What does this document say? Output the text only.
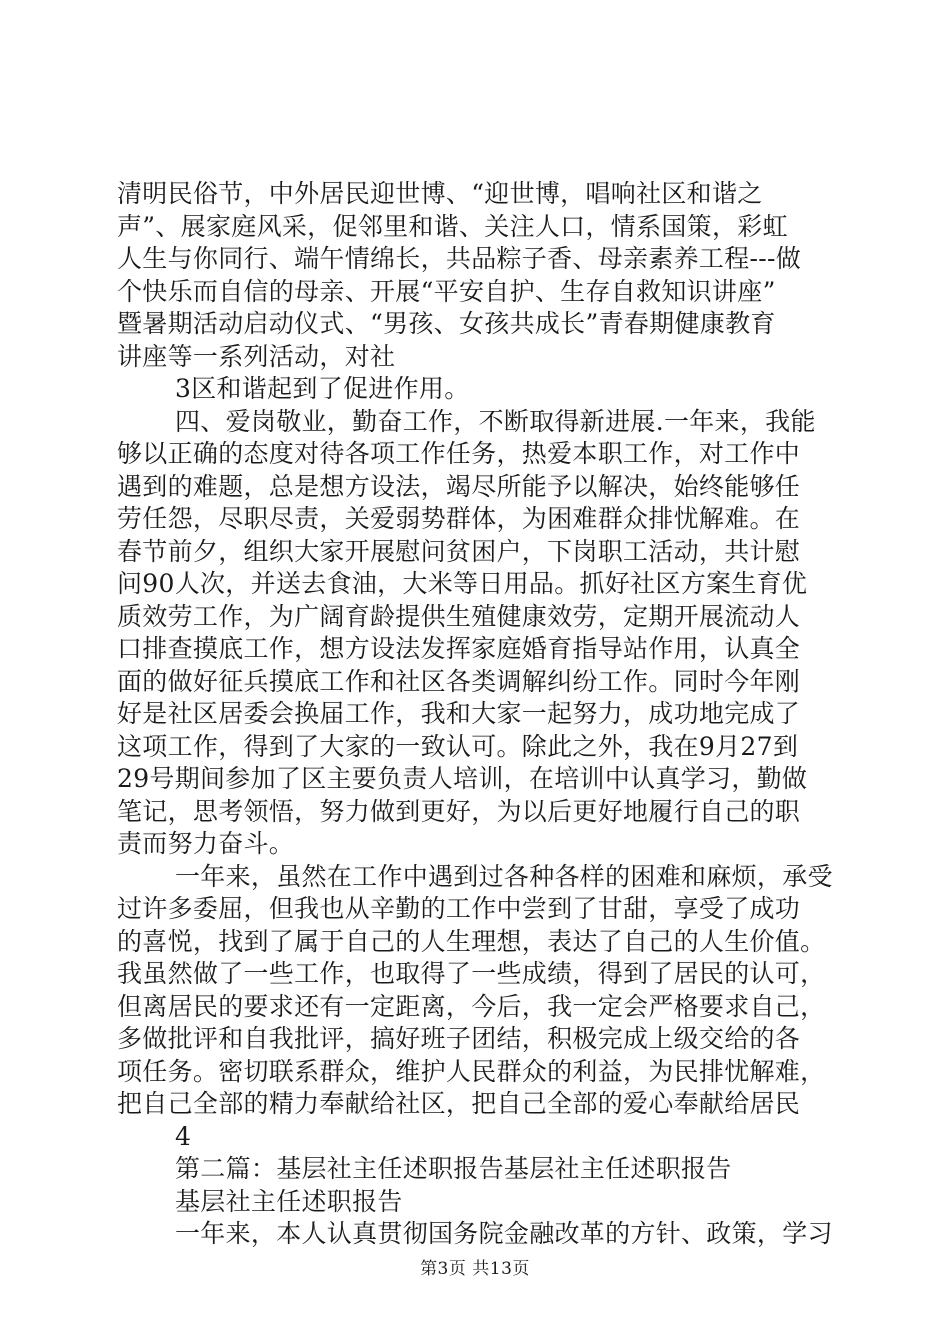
清明民俗节，中外居民迎世博、“迎世博，唱响社区和谐之
声”、展家庭风采，促邻里和谐、关注人口，情系国策，彩虹
人生与你同行、端午情绵长，共品粽子香、母亲素养工程---做
个快乐而自信的母亲、开展“平安自护、生存自救知识讲座”
暨暑期活动启动仪式、“男孩、女孩共成长”青春期健康教育
讲座等一系列活动，对社
3区和谐起到了促进作用。
四、爱岗敬业，勤奋工作，不断取得新进展.一年来，我能
够以正确的态度对待各项工作任务，热爱本职工作，对工作中
遇到的难题，总是想方设法，竭尽所能予以解决，始终能够任
劳任怨，尽职尽责，关爱弱势群体，为困难群众排忧解难。在
春节前夕，组织大家开展慰问贫困户，下岗职工活动，共计慰
问90人次，并送去食油，大米等日用品。抓好社区方案生育优
质效劳工作，为广阔育龄提供生殖健康效劳，定期开展流动人
口排查摸底工作，想方设法发挥家庭婚育指导站作用，认真全
面的做好征兵摸底工作和社区各类调解纠纷工作。同时今年刚
好是社区居委会换届工作，我和大家一起努力，成功地完成了
这项工作，得到了大家的一致认可。除此之外，我在9月27到
29号期间参加了区主要负责人培训，在培训中认真学习，勤做
笔记，思考领悟，努力做到更好，为以后更好地履行自己的职
责而努力奋斗。
一年来，虽然在工作中遇到过各种各样的困难和麻烦，承受
过许多委屈，但我也从辛勤的工作中尝到了甘甜，享受了成功
的喜悦，找到了属于自己的人生理想，表达了自己的人生价值。
我虽然做了一些工作，也取得了一些成绩，得到了居民的认可，
但离居民的要求还有一定距离，今后，我一定会严格要求自己，
多做批评和自我批评，搞好班子团结，积极完成上级交给的各
项任务。密切联系群众，维护人民群众的利益，为民排忧解难，
把自己全部的精力奉献给社区，把自己全部的爱心奉献给居民
4
第二篇：基层社主任述职报告基层社主任述职报告
基层社主任述职报告
一年来，本人认真贯彻国务院金融改革的方针、政策，学习
第3页 共13页
